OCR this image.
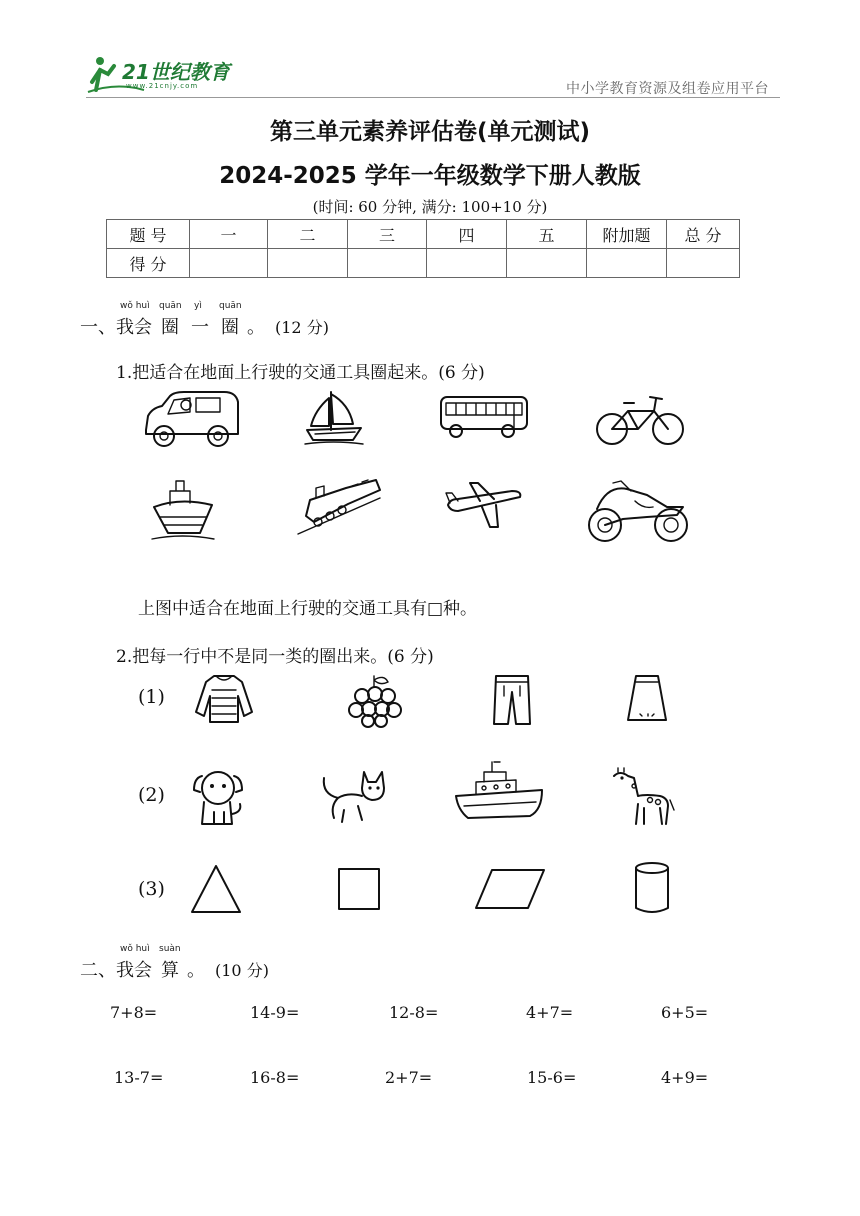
21世纪教育
www.21cnjy.com	中小学教育资源及组卷应用平台
第三单元素养评估卷(单元测试)
2024-2025 学年一年级数学下册人教版
(时间: 60 分钟, 满分: 100+10 分)
题 号	一	二	三	四	五	附加题	总 分
得 分							
一、
wǒ huì
我会
quān
圈
yì
一
quān
圈 。 (12 分)
1.把适合在地面上行驶的交通工具圈起来。(6 分)
上图中适合在地面上行驶的交通工具有□种。
2.把每一行中不是同一类的圈出来。(6 分)
(1)
(2)
(3)
二、
wǒ huì
我会
suàn
算 。 (10 分)
7+8=	14-9=	12-8=	4+7=	6+5=
13-7=	16-8=	2+7=	15-6=	4+9=
